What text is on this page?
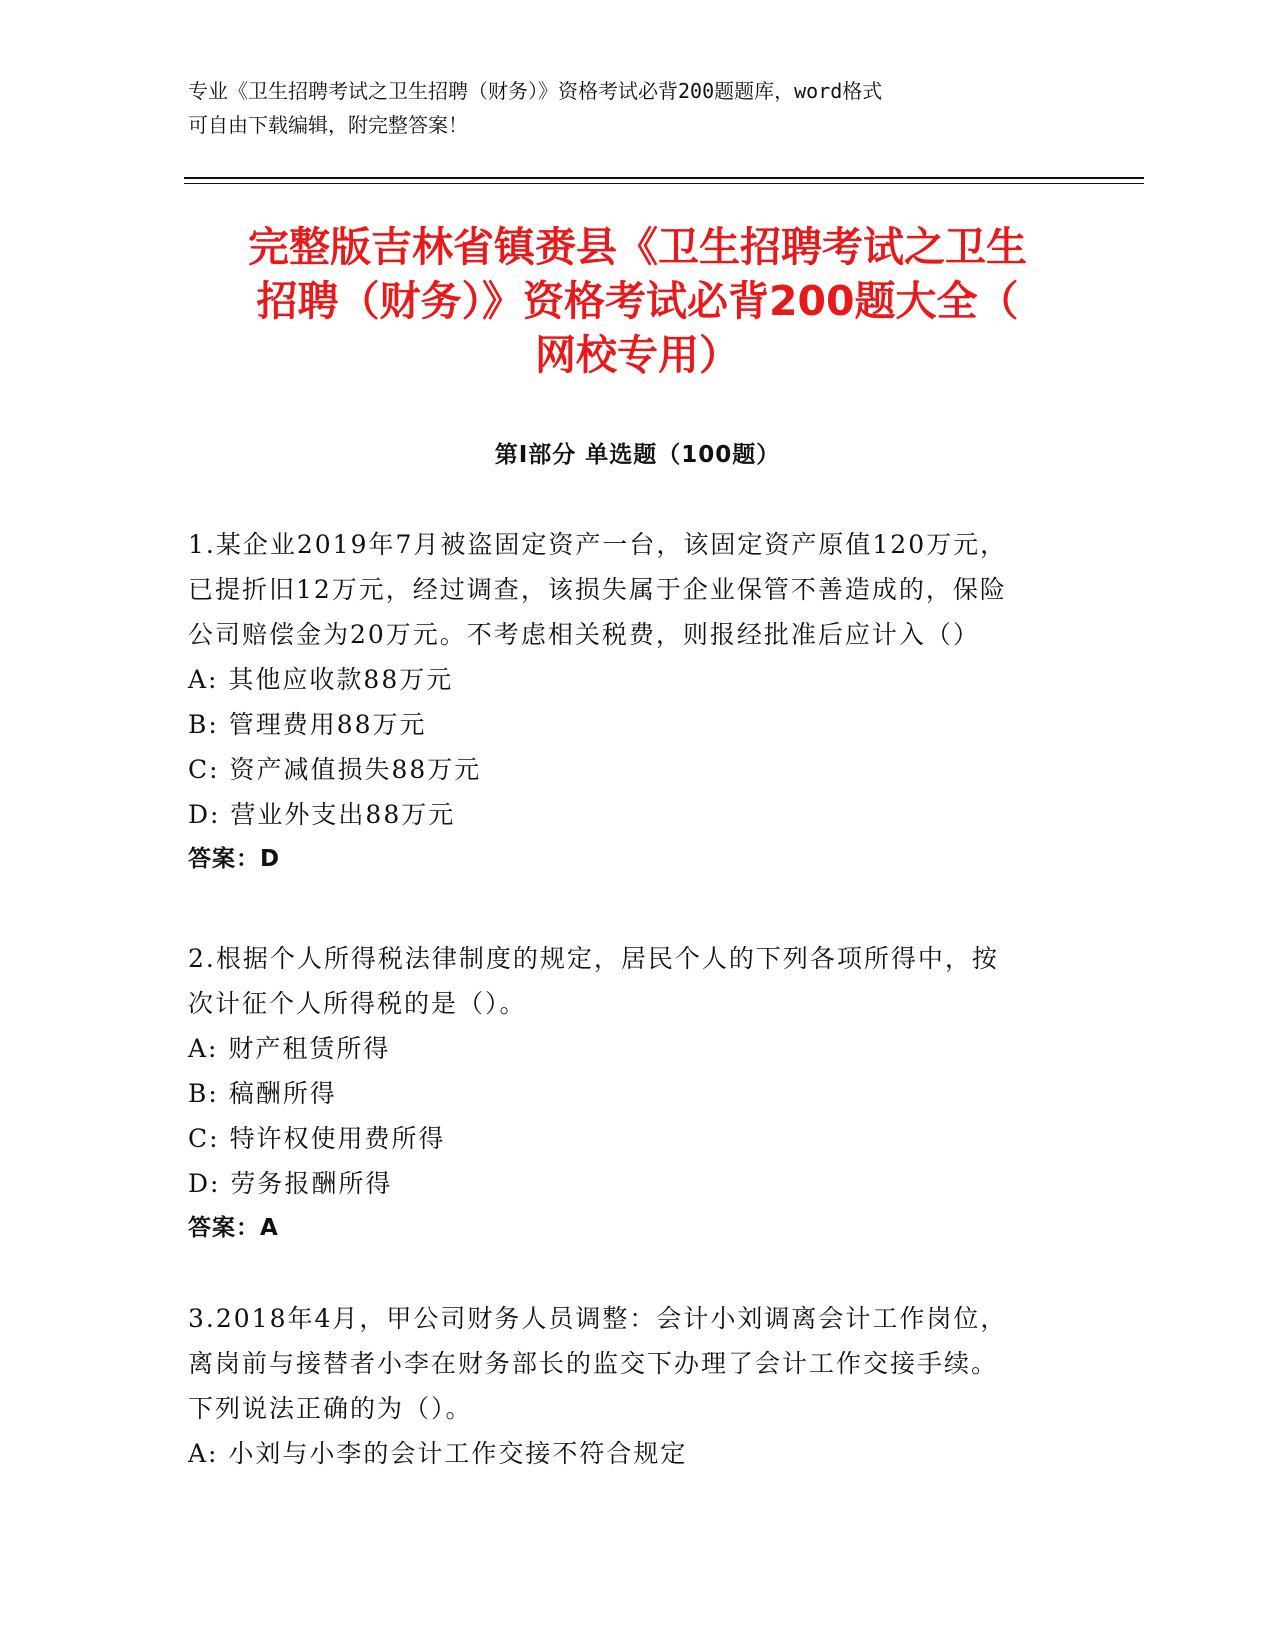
专业《卫生招聘考试之卫生招聘（财务）》资格考试必背200题题库，word格式
可自由下载编辑，附完整答案！
完整版吉林省镇赉县《卫生招聘考试之卫生
招聘（财务）》资格考试必背200题大全（
网校专用）
第Ⅰ部分 单选题（100题）
1.某企业2019年7月被盗固定资产一台，该固定资产原值120万元，
已提折旧12万元，经过调查，该损失属于企业保管不善造成的，保险
公司赔偿金为20万元。不考虑相关税费，则报经批准后应计入（）
A: 其他应收款88万元
B: 管理费用88万元
C: 资产减值损失88万元
D: 营业外支出88万元
答案：D
2.根据个人所得税法律制度的规定，居民个人的下列各项所得中，按
次计征个人所得税的是（）。
A: 财产租赁所得
B: 稿酬所得
C: 特许权使用费所得
D: 劳务报酬所得
答案：A
3.2018年4月，甲公司财务人员调整：会计小刘调离会计工作岗位，
离岗前与接替者小李在财务部长的监交下办理了会计工作交接手续。
下列说法正确的为（）。
A: 小刘与小李的会计工作交接不符合规定
